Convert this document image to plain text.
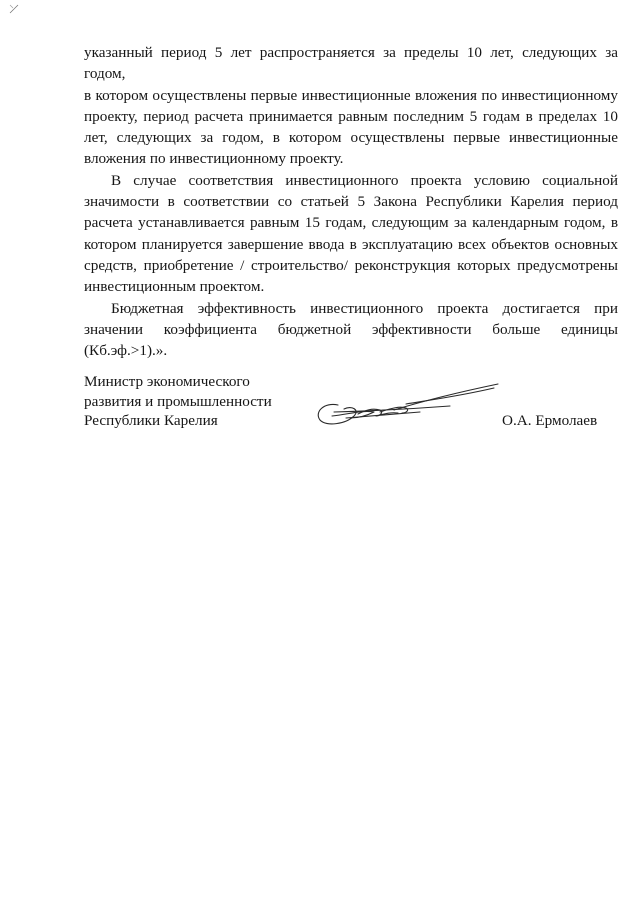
указанный период 5 лет распространяется за пределы 10 лет, следующих за годом,
в котором осуществлены первые инвестиционные вложения по инвестиционному
проекту, период расчета принимается равным последним 5 годам в пределах 10
лет, следующих за годом, в котором осуществлены первые инвестиционные
вложения по инвестиционному проекту.

В случае соответствия инвестиционного проекта условию социальной
значимости в соответствии со статьей 5 Закона Республики Карелия период
расчета устанавливается равным 15 годам, следующим за календарным годом, в
котором планируется завершение ввода в эксплуатацию всех объектов основных
средств, приобретение / строительство/ реконструкция которых предусмотрены
инвестиционным проектом.

Бюджетная эффективность инвестиционного проекта достигается при
значении коэффициента бюджетной эффективности больше единицы
(Кб.эф.>1).».

Министр экономического
развития и промышленности
Республики Карелия	О.А. Ермолаев
